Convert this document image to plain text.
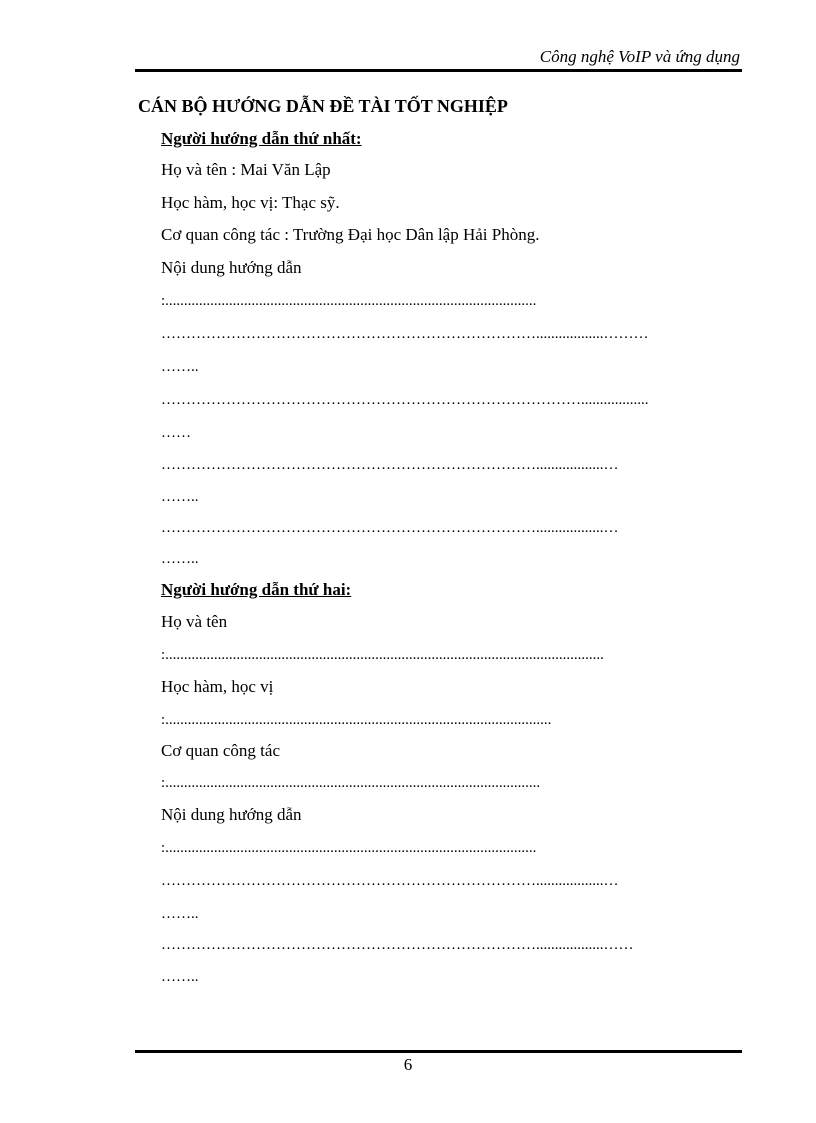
Công nghệ VoIP và ứng dụng
CÁN BỘ HƯỚNG DẪN ĐỀ TÀI TỐT NGHIỆP
Người hướng dẫn thứ nhất:
Họ và tên : Mai Văn Lập
Học hàm, học vị: Thạc sỹ.
Cơ quan công tác : Trường Đại học Dân lập Hải Phòng.
Nội dung hướng dẫn
:...................................................................................................
…………………………………………………………………..................………
……..
…………………………………………………………………………..................
……
…………………………………………………………………..................…
……..
…………………………………………………………………..................…
……..
Người hướng dẫn thứ hai:
Họ và tên
:.....................................................................................................................
Học hàm, học vị
:.......................................................................................................
Cơ quan công tác
:....................................................................................................
Nội dung hướng dẫn
:...................................................................................................
…………………………………………………………………..................…
……..
…………………………………………………………………..................……
……..
6
